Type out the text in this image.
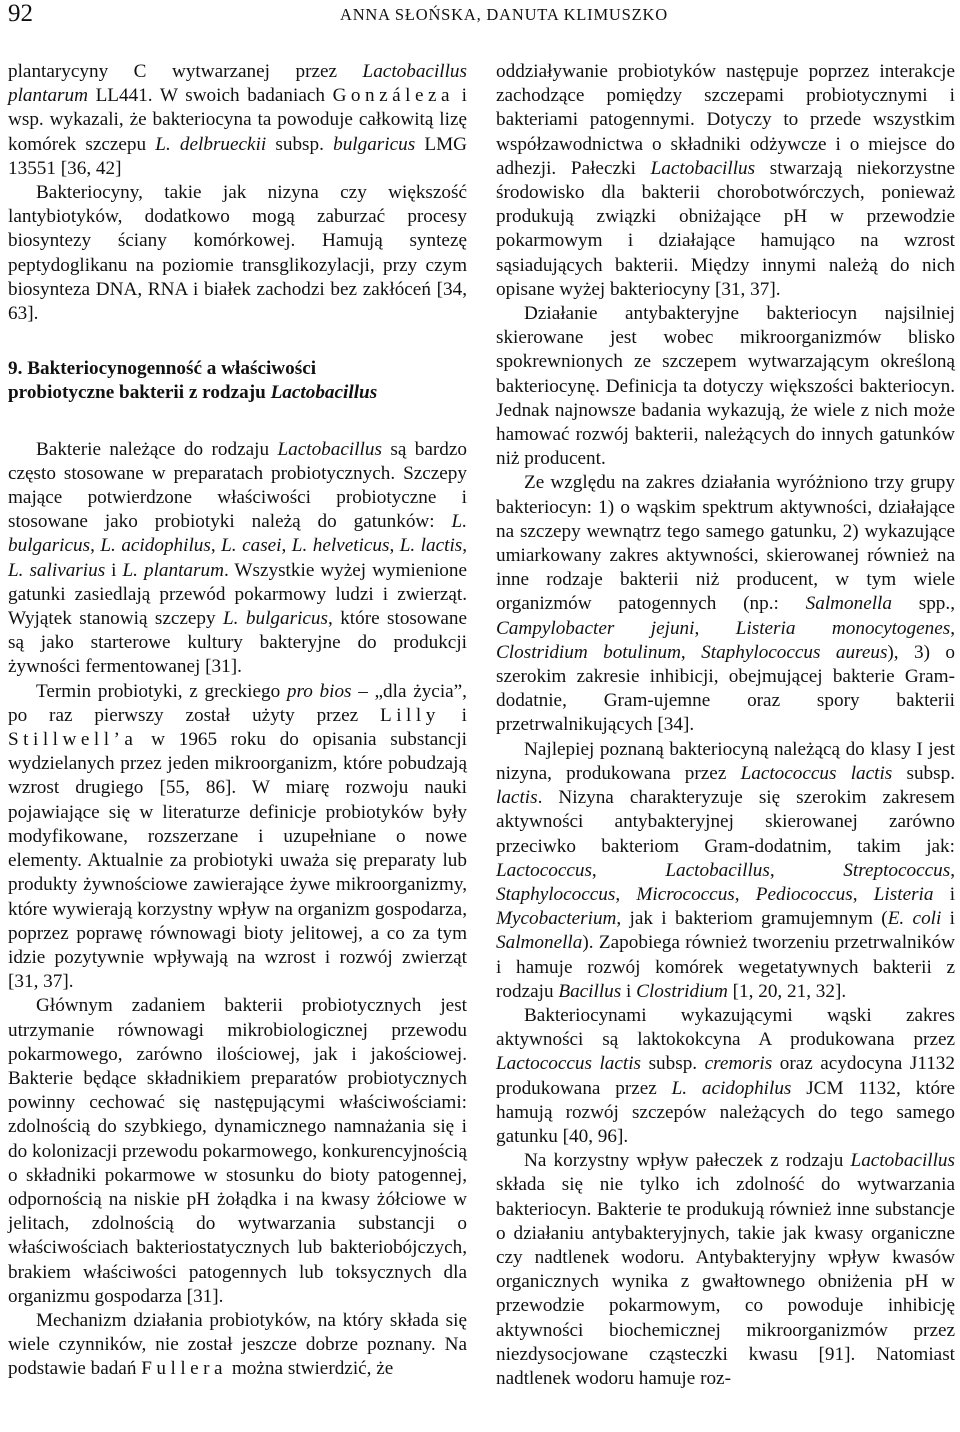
92	ANNA SŁOŃSKA, DANUTA KLIMUSZKO

plantarycyny C wytwarzanej przez Lactobacillus plantarum LL441. W swoich badaniach Gonzáleza i wsp. wykazali, że bakteriocyna ta powoduje całkowitą lizę komórek szczepu L. delbrueckii subsp. bulgaricus LMG 13551 [36, 42]

Bakteriocyny, takie jak nizyna czy większość lantybiotyków, dodatkowo mogą zaburzać procesy biosyntezy ściany komórkowej. Hamują syntezę peptydoglikanu na poziomie transglikozylacji, przy czym biosynteza DNA, RNA i białek zachodzi bez zakłóceń [34, 63].

9. Bakteriocynogenność a właściwości
probiotyczne bakterii z rodzaju Lactobacillus

Bakterie należące do rodzaju Lactobacillus są bardzo często stosowane w preparatach probiotycznych. Szczepy mające potwierdzone właściwości probiotyczne i stosowane jako probiotyki należą do gatunków: L. bulgaricus, L. acidophilus, L. casei, L. helveticus, L. lactis, L. salivarius i L. plantarum. Wszystkie wyżej wymienione gatunki zasiedlają przewód pokarmowy ludzi i zwierząt. Wyjątek stanowią szczepy L. bulgaricus, które stosowane są jako starterowe kultury bakteryjne do produkcji żywności fermentowanej [31].

Termin probiotyki, z greckiego pro bios – „dla życia”, po raz pierwszy został użyty przez Lilly i Stillwell’a w 1965 roku do opisania substancji wydzielanych przez jeden mikroorganizm, które pobudzają wzrost drugiego [55, 86]. W miarę rozwoju nauki pojawiające się w literaturze definicje probiotyków były modyfikowane, rozszerzane i uzupełniane o nowe elementy. Aktualnie za probiotyki uważa się preparaty lub produkty żywnościowe zawierające żywe mikroorganizmy, które wywierają korzystny wpływ na organizm gospodarza, poprzez poprawę równowagi bioty jelitowej, a co za tym idzie pozytywnie wpływają na wzrost i rozwój zwierząt [31, 37].

Głównym zadaniem bakterii probiotycznych jest utrzymanie równowagi mikrobiologicznej przewodu pokarmowego, zarówno ilościowej, jak i jakościowej. Bakterie będące składnikiem preparatów probiotycznych powinny cechować się następującymi właściwościami: zdolnością do szybkiego, dynamicznego namnażania się i do kolonizacji przewodu pokarmowego, konkurencyjnością o składniki pokarmowe w stosunku do bioty patogennej, odpornością na niskie pH żołądka i na kwasy żółciowe w jelitach, zdolnością do wytwarzania substancji o właściwościach bakteriostatycznych lub bakteriobójczych, brakiem właściwości patogennych lub toksycznych dla organizmu gospodarza [31].

Mechanizm działania probiotyków, na który składa się wiele czynników, nie został jeszcze dobrze poznany. Na podstawie badań Fullera można stwierdzić, że

oddziaływanie probiotyków następuje poprzez interakcje zachodzące pomiędzy szczepami probiotycznymi i bakteriami patogennymi. Dotyczy to przede wszystkim współzawodnictwa o składniki odżywcze i o miejsce do adhezji. Pałeczki Lactobacillus stwarzają niekorzystne środowisko dla bakterii chorobotwórczych, ponieważ produkują związki obniżające pH w przewodzie pokarmowym i działające hamująco na wzrost sąsiadujących bakterii. Między innymi należą do nich opisane wyżej bakteriocyny [31, 37].

Działanie antybakteryjne bakteriocyn najsilniej skierowane jest wobec mikroorganizmów blisko spokrewnionych ze szczepem wytwarzającym określoną bakteriocynę. Definicja ta dotyczy większości bakteriocyn. Jednak najnowsze badania wykazują, że wiele z nich może hamować rozwój bakterii, należących do innych gatunków niż producent.

Ze względu na zakres działania wyróżniono trzy grupy bakteriocyn: 1) o wąskim spektrum aktywności, działające na szczepy wewnątrz tego samego gatunku, 2) wykazujące umiarkowany zakres aktywności, skierowanej również na inne rodzaje bakterii niż producent, w tym wiele organizmów patogennych (np.: Salmonella spp., Campylobacter jejuni, Listeria monocytogenes, Clostridium botulinum, Staphylococcus aureus), 3) o szerokim zakresie inhibicji, obejmującej bakterie Gram-dodatnie, Gram-ujemne oraz spory bakterii przetrwalnikujących [34].

Najlepiej poznaną bakteriocyną należącą do klasy I jest nizyna, produkowana przez Lactococcus lactis subsp. lactis. Nizyna charakteryzuje się szerokim zakresem aktywności antybakteryjnej skierowanej zarówno przeciwko bakteriom Gram-dodatnim, takim jak: Lactococcus, Lactobacillus, Streptococcus, Staphylococcus, Micrococcus, Pediococcus, Listeria i Mycobacterium, jak i bakteriom gramujemnym (E. coli i Salmonella). Zapobiega również tworzeniu przetrwalników i hamuje rozwój komórek wegetatywnych bakterii z rodzaju Bacillus i Clostridium [1, 20, 21, 32].

Bakteriocynami wykazującymi wąski zakres aktywności są laktokokcyna A produkowana przez Lactococcus lactis subsp. cremoris oraz acydocyna J1132 produkowana przez L. acidophilus JCM 1132, które hamują rozwój szczepów należących do tego samego gatunku [40, 96].

Na korzystny wpływ pałeczek z rodzaju Lactobacillus składa się nie tylko ich zdolność do wytwarzania bakteriocyn. Bakterie te produkują również inne substancje o działaniu antybakteryjnych, takie jak kwasy organiczne czy nadtlenek wodoru. Antybakteryjny wpływ kwasów organicznych wynika z gwałtownego obniżenia pH w przewodzie pokarmowym, co powoduje inhibicję aktywności biochemicznej mikroorganizmów przez niezdysocjowane cząsteczki kwasu [91]. Natomiast nadtlenek wodoru hamuje roz-
